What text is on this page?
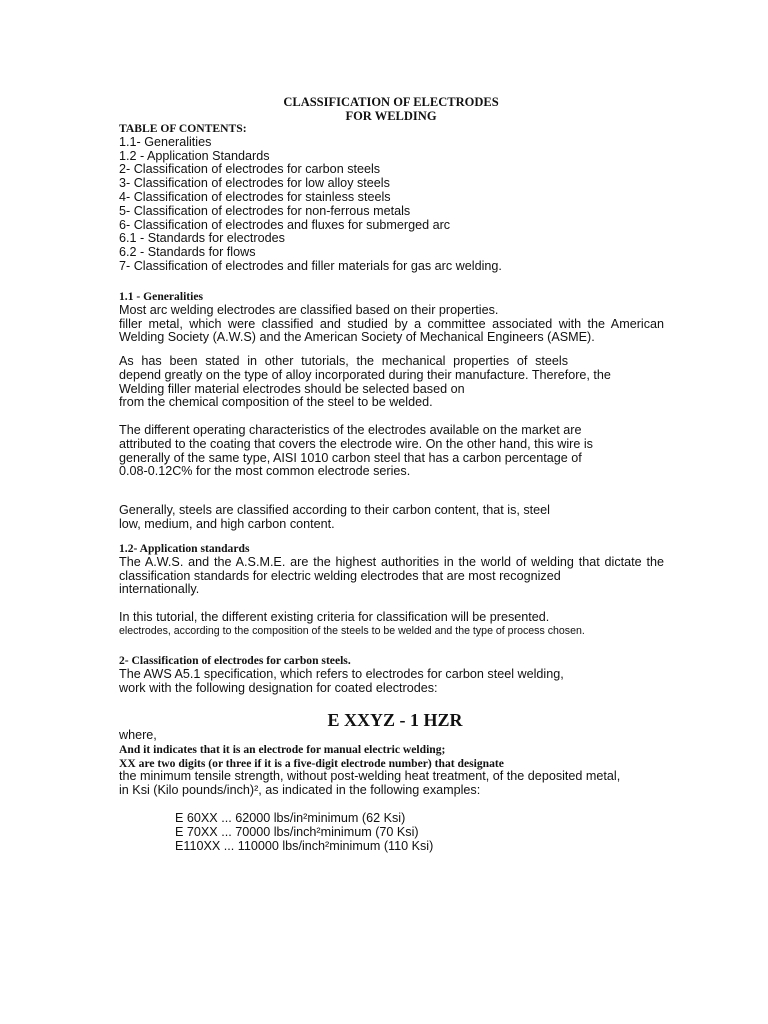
CLASSIFICATION OF ELECTRODES
FOR WELDING
TABLE OF CONTENTS:
1.1- Generalities
1.2 - Application Standards
2- Classification of electrodes for carbon steels
3- Classification of electrodes for low alloy steels
4- Classification of electrodes for stainless steels
5- Classification of electrodes for non-ferrous metals
6- Classification of electrodes and fluxes for submerged arc
6.1 - Standards for electrodes
6.2 - Standards for flows
7- Classification of electrodes and filler materials for gas arc welding.
1.1 - Generalities
Most arc welding electrodes are classified based on their properties.
filler metal, which were classified and studied by a committee associated with the American
Welding Society (A.W.S) and the American Society of Mechanical Engineers (ASME).
As has been stated in other tutorials, the mechanical properties of steels
depend greatly on the type of alloy incorporated during their manufacture. Therefore, the
Welding filler material electrodes should be selected based on
from the chemical composition of the steel to be welded.
The different operating characteristics of the electrodes available on the market are
attributed to the coating that covers the electrode wire. On the other hand, this wire is
generally of the same type, AISI 1010 carbon steel that has a carbon percentage of
0.08-0.12C% for the most common electrode series.
Generally, steels are classified according to their carbon content, that is, steel
low, medium, and high carbon content.
1.2- Application standards
The A.W.S. and the A.S.M.E. are the highest authorities in the world of welding that dictate the
classification standards for electric welding electrodes that are most recognized
internationally.
In this tutorial, the different existing criteria for classification will be presented.
electrodes, according to the composition of the steels to be welded and the type of process chosen.
2- Classification of electrodes for carbon steels.
The AWS A5.1 specification, which refers to electrodes for carbon steel welding,
work with the following designation for coated electrodes:
E XXYZ - 1 HZR
where,
And it indicates that it is an electrode for manual electric welding;
XX are two digits (or three if it is a five-digit electrode number) that designate
the minimum tensile strength, without post-welding heat treatment, of the deposited metal,
in Ksi (Kilo pounds/inch)², as indicated in the following examples:
E 60XX ... 62000 lbs/in²minimum (62 Ksi)
E 70XX ... 70000 lbs/inch²minimum (70 Ksi)
E110XX ... 110000 lbs/inch²minimum (110 Ksi)
